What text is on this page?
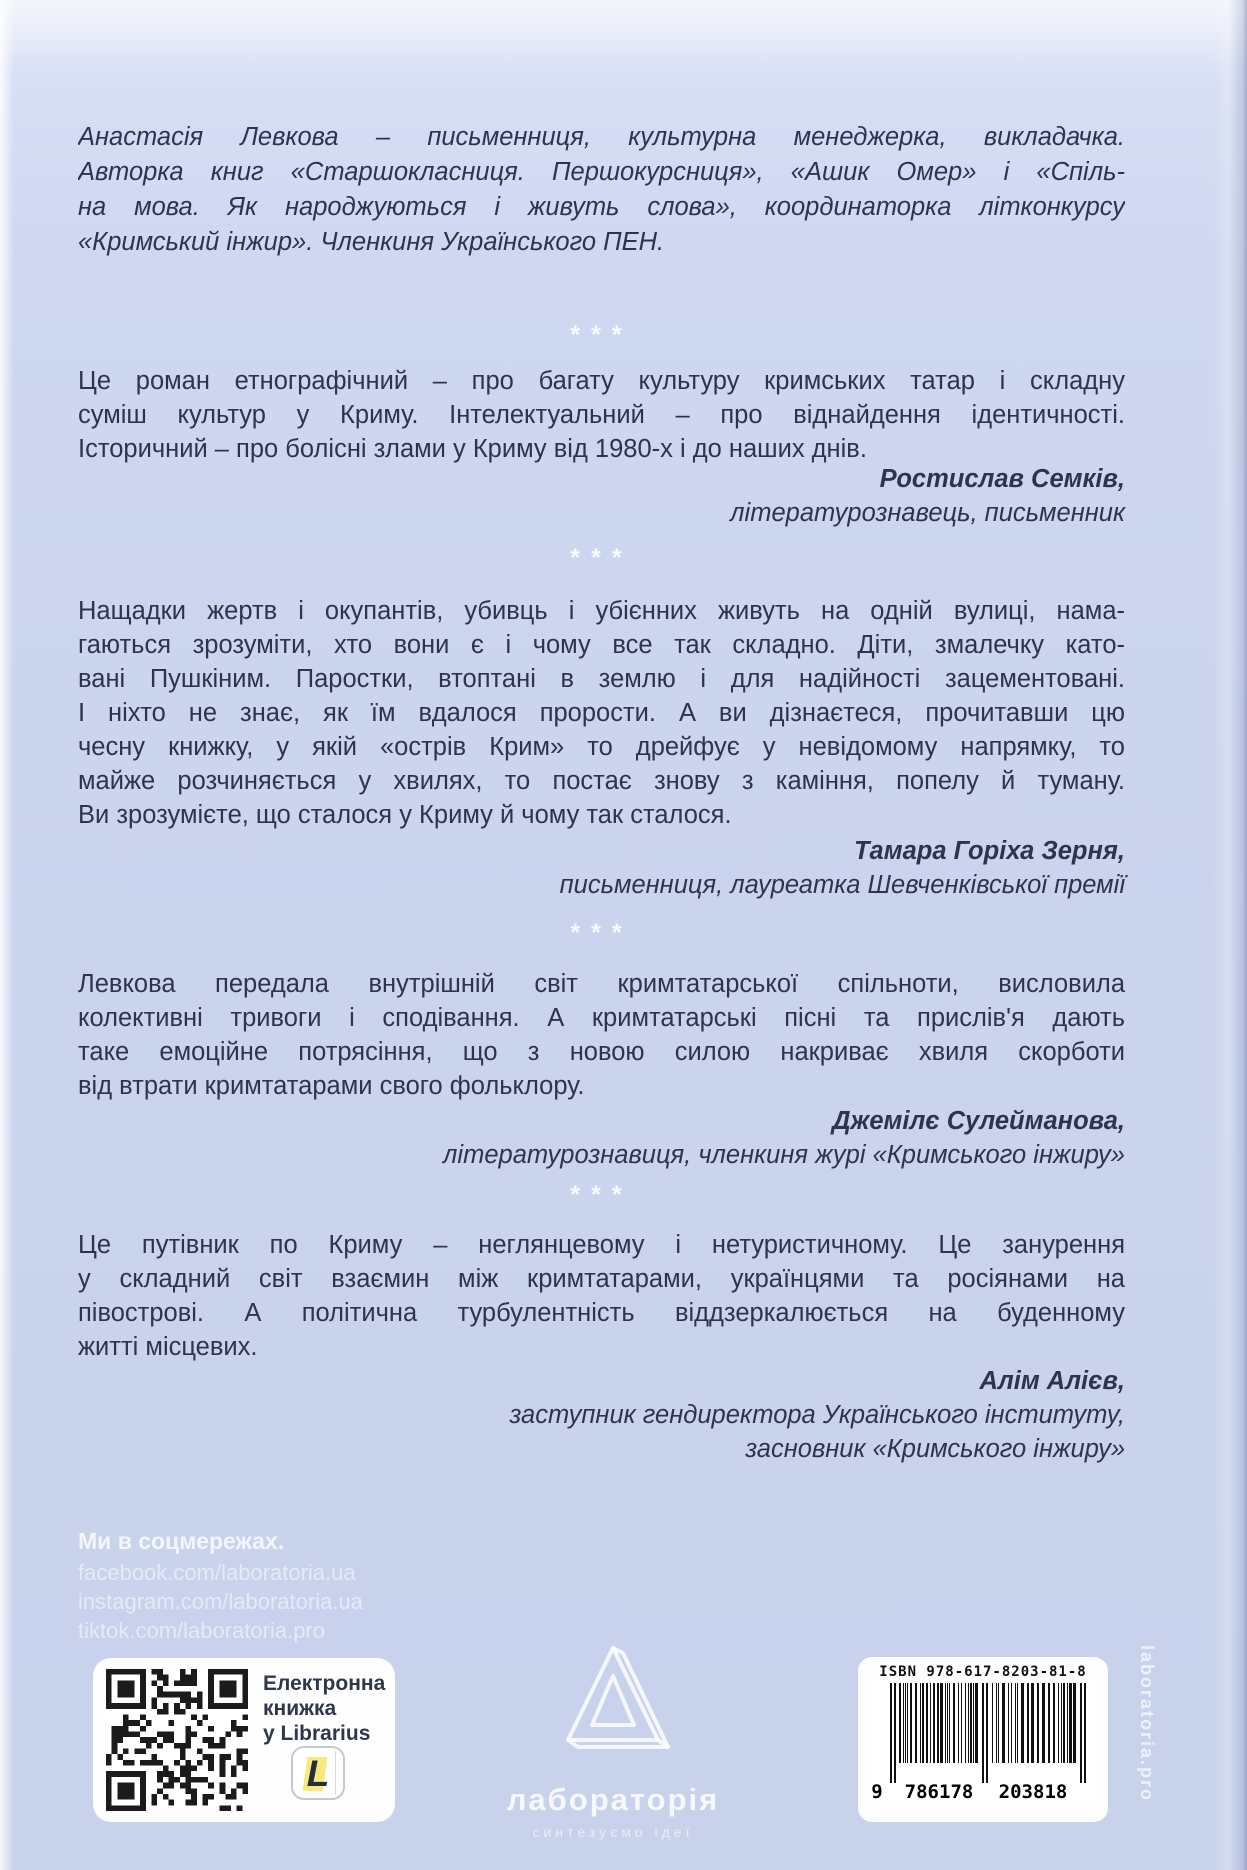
Анастасія Левкова – письменниця, культурна менеджерка, викладачка.
Авторка книг «Старшокласниця. Першокурсниця», «Ашик Омер» і «Спіль-
на мова. Як народжуються і живуть слова», координаторка літконкурсу
«Кримський інжир». Членкиня Українського ПЕН.
***
***
***
***
Це роман етнографічний – про багату культуру кримських татар і складну
суміш культур у Криму. Інтелектуальний – про віднайдення ідентичності.
Історичний – про болісні злами у Криму від 1980-х і до наших днів.
Ростислав Семків,
літературознавець, письменник
Нащадки жертв і окупантів, убивць і убієнних живуть на одній вулиці, нама-
гаються зрозуміти, хто вони є і чому все так складно. Діти, змалечку като-
вані Пушкіним. Паростки, втоптані в землю і для надійності зацементовані.
І ніхто не знає, як їм вдалося прорости. А ви дізнаєтеся, прочитавши цю
чесну книжку, у якій «острів Крим» то дрейфує у невідомому напрямку, то
майже розчиняється у хвилях, то постає знову з каміння, попелу й туману.
Ви зрозумієте, що сталося у Криму й чому так сталося.
Тамара Горіха Зерня,
письменниця, лауреатка Шевченківської премії
Левкова передала внутрішній світ кримтатарської спільноти, висловила
колективні тривоги і сподівання. А кримтатарські пісні та прислів'я дають
таке емоційне потрясіння, що з новою силою накриває хвиля скорботи
від втрати кримтатарами свого фольклору.
Джемілє Сулейманова,
літературознавиця, членкиня журі «Кримського інжиру»
Це путівник по Криму – неглянцевому і нетуристичному. Це занурення
у складний світ взаємин між кримтатарами, українцями та росіянами на
півострові. А політична турбулентність віддзеркалюється на буденному
житті місцевих.
Алім Алієв,
заступник гендиректора Українського інституту,
засновник «Кримського інжиру»
Ми в соцмережах.
facebook.com/laboratoria.ua
instagram.com/laboratoria.ua
tiktok.com/laboratoria.pro
Електронна
книжка
у Librarius
L
лабораторія
синтезуємо ідеї
ISBN 978-617-8203-81-8	laboratoria.pro
